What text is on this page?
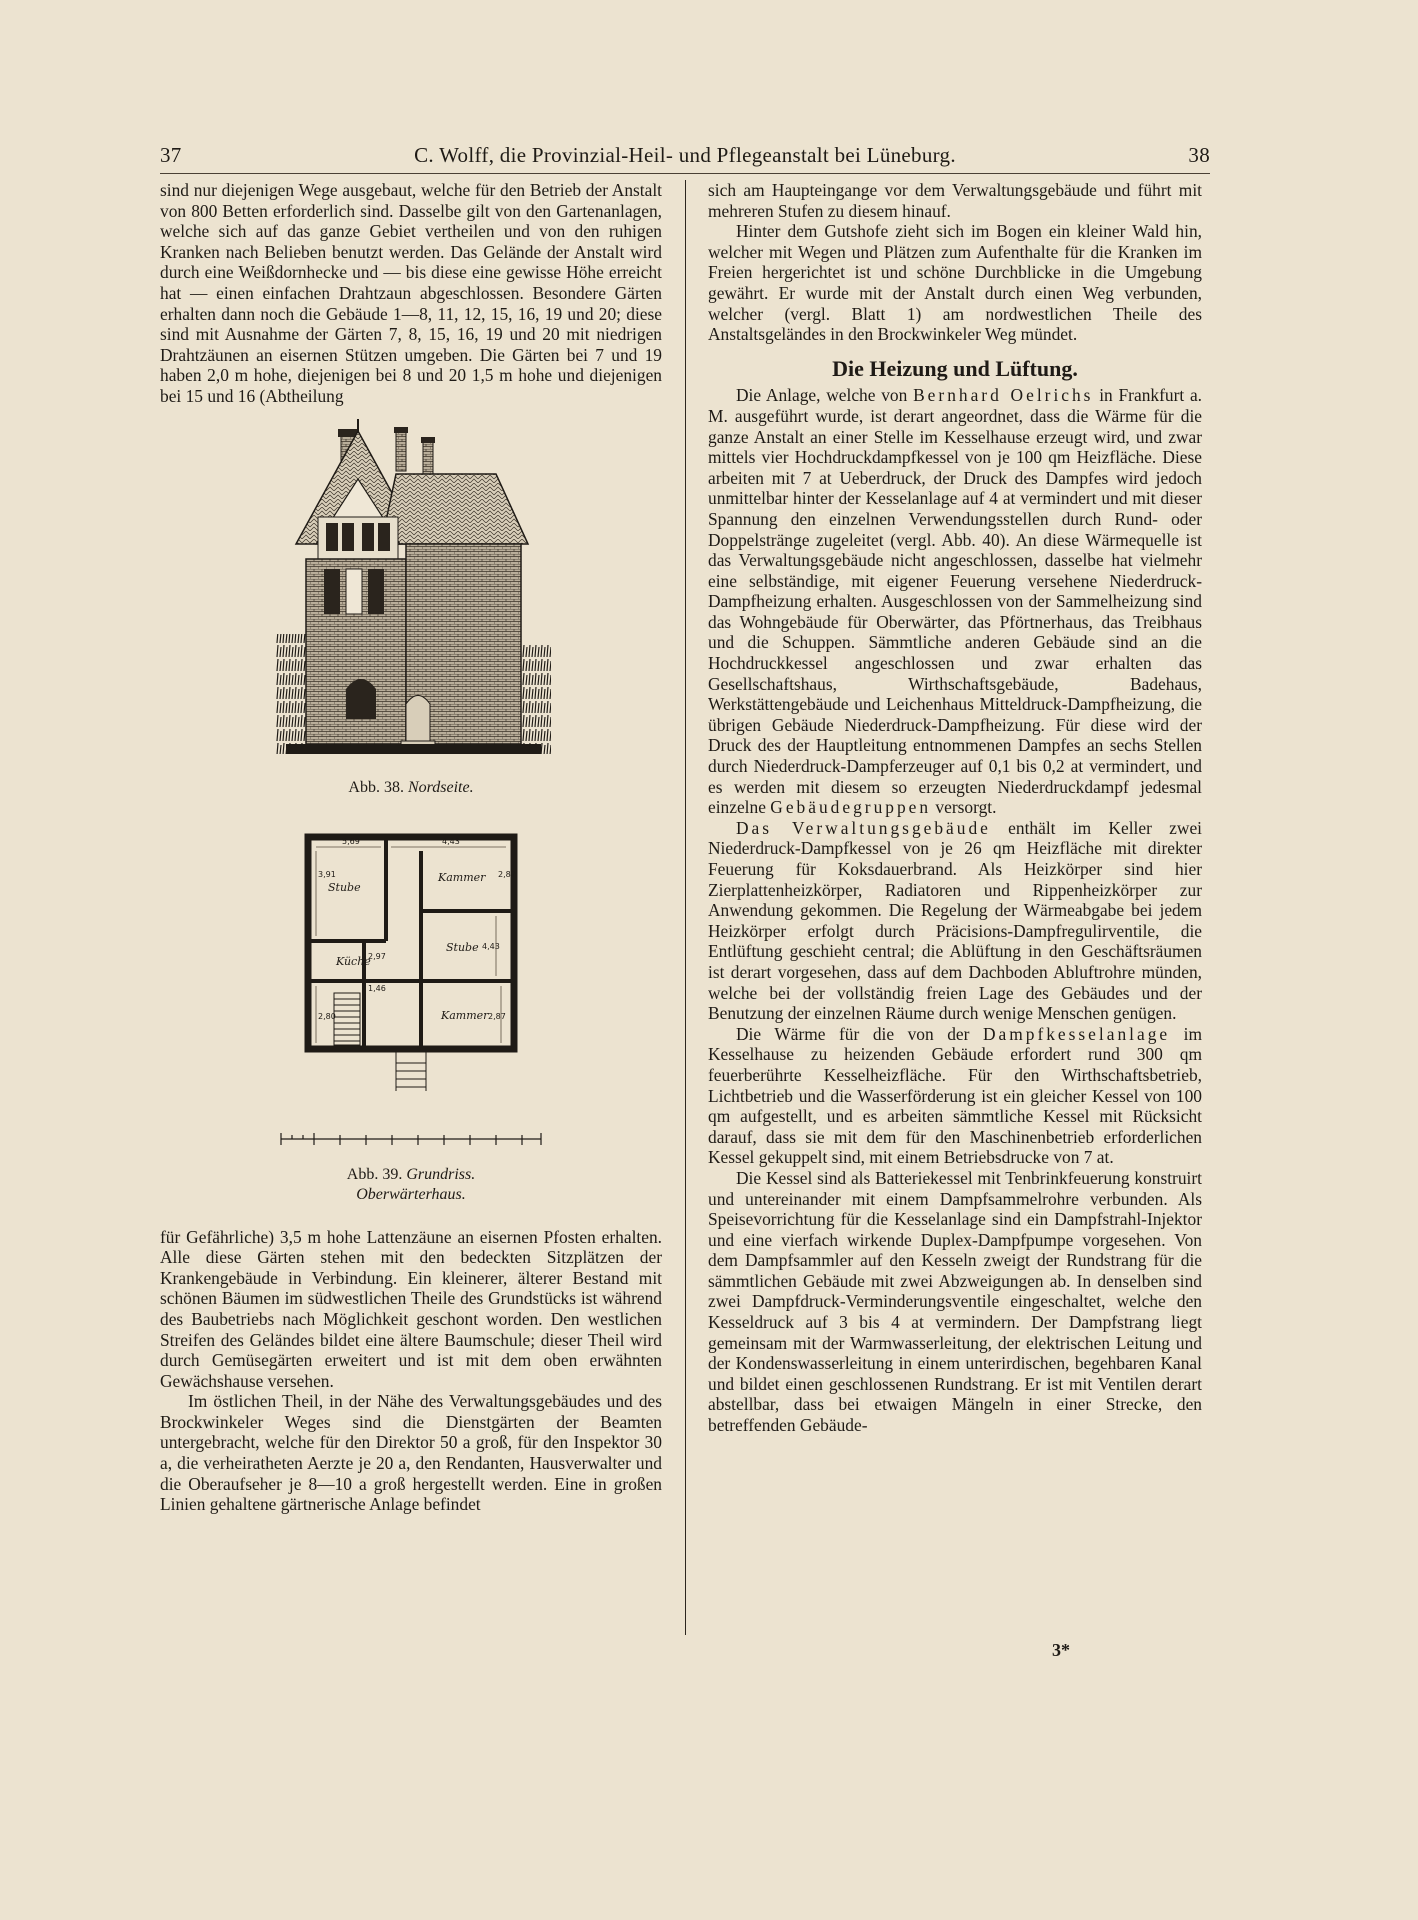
37	C. Wolff, die Provinzial-Heil- und Pflegeanstalt bei Lüneburg.	38

sind nur diejenigen Wege ausgebaut, welche für den Betrieb der Anstalt von 800 Betten erforderlich sind. Dasselbe gilt von den Gartenanlagen, welche sich auf das ganze Gebiet vertheilen und von den ruhigen Kranken nach Belieben benutzt werden. Das Gelände der Anstalt wird durch eine Weißdornhecke und — bis diese eine gewisse Höhe erreicht hat — einen einfachen Drahtzaun abgeschlossen. Besondere Gärten erhalten dann noch die Gebäude 1—8, 11, 12, 15, 16, 19 und 20; diese sind mit Ausnahme der Gärten 7, 8, 15, 16, 19 und 20 mit niedrigen Drahtzäunen an eisernen Stützen umgeben. Die Gärten bei 7 und 19 haben 2,0 m hohe, diejenigen bei 8 und 20 1,5 m hohe und diejenigen bei 15 und 16 (Abtheilung

Abb. 38. Nordseite.
Stube
Kammer
Küche
Stube
Kammer
5,69	4,43
3,91	2,87
4,43
2,97
1,46
2,80	2,87
Abb. 39. Grundriss.
Oberwärterhaus.

für Gefährliche) 3,5 m hohe Lattenzäune an eisernen Pfosten erhalten. Alle diese Gärten stehen mit den bedeckten Sitzplätzen der Krankengebäude in Verbindung. Ein kleinerer, älterer Bestand mit schönen Bäumen im südwestlichen Theile des Grundstücks ist während des Baubetriebs nach Möglichkeit geschont worden. Den westlichen Streifen des Geländes bildet eine ältere Baumschule; dieser Theil wird durch Gemüsegärten erweitert und ist mit dem oben erwähnten Gewächshause versehen.

Im östlichen Theil, in der Nähe des Verwaltungsgebäudes und des Brockwinkeler Weges sind die Dienstgärten der Beamten untergebracht, welche für den Direktor 50 a groß, für den Inspektor 30 a, die verheiratheten Aerzte je 20 a, den Rendanten, Hausverwalter und die Oberaufseher je 8—10 a groß hergestellt werden. Eine in großen Linien gehaltene gärtnerische Anlage befindet

sich am Haupteingange vor dem Verwaltungsgebäude und führt mit mehreren Stufen zu diesem hinauf.

Hinter dem Gutshofe zieht sich im Bogen ein kleiner Wald hin, welcher mit Wegen und Plätzen zum Aufenthalte für die Kranken im Freien hergerichtet ist und schöne Durchblicke in die Umgebung gewährt. Er wurde mit der Anstalt durch einen Weg verbunden, welcher (vergl. Blatt 1) am nordwestlichen Theile des Anstaltsgeländes in den Brockwinkeler Weg mündet.

Die Heizung und Lüftung.

Die Anlage, welche von Bernhard Oelrichs in Frankfurt a. M. ausgeführt wurde, ist derart angeordnet, dass die Wärme für die ganze Anstalt an einer Stelle im Kesselhause erzeugt wird, und zwar mittels vier Hochdruckdampfkessel von je 100 qm Heizfläche. Diese arbeiten mit 7 at Ueberdruck, der Druck des Dampfes wird jedoch unmittelbar hinter der Kesselanlage auf 4 at vermindert und mit dieser Spannung den einzelnen Verwendungsstellen durch Rund- oder Doppelstränge zugeleitet (vergl. Abb. 40). An diese Wärmequelle ist das Verwaltungsgebäude nicht angeschlossen, dasselbe hat vielmehr eine selbständige, mit eigener Feuerung versehene Niederdruck-Dampfheizung erhalten. Ausgeschlossen von der Sammelheizung sind das Wohngebäude für Oberwärter, das Pförtnerhaus, das Treibhaus und die Schuppen. Sämmtliche anderen Gebäude sind an die Hochdruckkessel angeschlossen und zwar erhalten das Gesellschaftshaus, Wirthschaftsgebäude, Badehaus, Werkstättengebäude und Leichenhaus Mitteldruck-Dampfheizung, die übrigen Gebäude Niederdruck-Dampfheizung. Für diese wird der Druck des der Hauptleitung entnommenen Dampfes an sechs Stellen durch Niederdruck-Dampferzeuger auf 0,1 bis 0,2 at vermindert, und es werden mit diesem so erzeugten Niederdruckdampf jedesmal einzelne Gebäudegruppen versorgt.

Das Verwaltungsgebäude enthält im Keller zwei Niederdruck-Dampfkessel von je 26 qm Heizfläche mit direkter Feuerung für Koksdauerbrand. Als Heizkörper sind hier Zierplattenheizkörper, Radiatoren und Rippenheizkörper zur Anwendung gekommen. Die Regelung der Wärmeabgabe bei jedem Heizkörper erfolgt durch Präcisions-Dampfregulirventile, die Entlüftung geschieht central; die Ablüftung in den Geschäftsräumen ist derart vorgesehen, dass auf dem Dachboden Abluftrohre münden, welche bei der vollständig freien Lage des Gebäudes und der Benutzung der einzelnen Räume durch wenige Menschen genügen.

Die Wärme für die von der Dampfkesselanlage im Kesselhause zu heizenden Gebäude erfordert rund 300 qm feuerberührte Kesselheizfläche. Für den Wirthschaftsbetrieb, Lichtbetrieb und die Wasserförderung ist ein gleicher Kessel von 100 qm aufgestellt, und es arbeiten sämmtliche Kessel mit Rücksicht darauf, dass sie mit dem für den Maschinenbetrieb erforderlichen Kessel gekuppelt sind, mit einem Betriebsdrucke von 7 at.

Die Kessel sind als Batteriekessel mit Tenbrinkfeuerung konstruirt und untereinander mit einem Dampfsammelrohre verbunden. Als Speisevorrichtung für die Kesselanlage sind ein Dampfstrahl-Injektor und eine vierfach wirkende Duplex-Dampfpumpe vorgesehen. Von dem Dampfsammler auf den Kesseln zweigt der Rundstrang für die sämmtlichen Gebäude mit zwei Abzweigungen ab. In denselben sind zwei Dampfdruck-Verminderungsventile eingeschaltet, welche den Kesseldruck auf 3 bis 4 at vermindern. Der Dampfstrang liegt gemeinsam mit der Warmwasserleitung, der elektrischen Leitung und der Kondenswasserleitung in einem unterirdischen, begehbaren Kanal und bildet einen geschlossenen Rundstrang. Er ist mit Ventilen derart abstellbar, dass bei etwaigen Mängeln in einer Strecke, den betreffenden Gebäude-

3*
